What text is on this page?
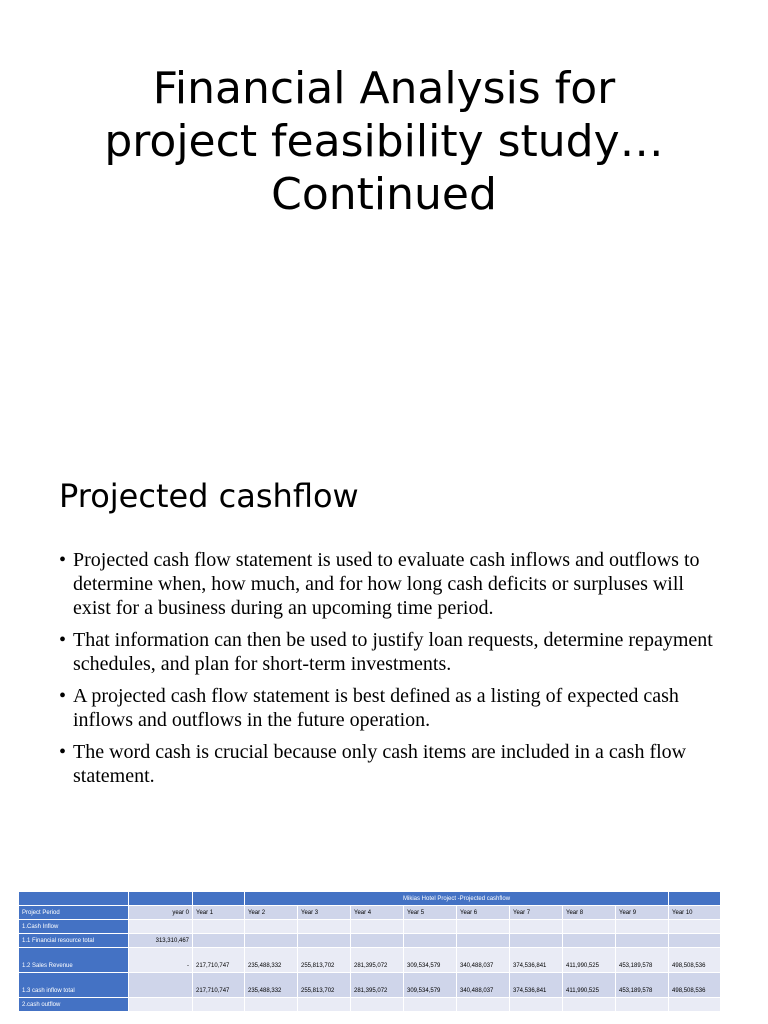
Financial Analysis for project feasibility study… Continued
Projected cashflow
• Projected cash flow statement is used to evaluate cash inflows and outflows to determine when, how much, and for how long cash deficits or surpluses will exist for a business during an upcoming time period.
• That information can then be used to justify loan requests, determine repayment schedules, and plan for short-term investments.
• A projected cash flow statement is best defined as a listing of expected cash inflows and outflows in the future operation.
• The word cash is crucial because only cash items are included in a cash flow statement.
			Mikias Hotel Project -Projected cashflow								
Project Period	year 0	Year 1	Year 2	Year 3	Year 4	Year 5	Year 6	Year 7	Year 8	Year 9	Year 10
1.Cash Inflow											
1.1 Financial resource total	313,310,467										
1.2 Sales Revenue	-	217,710,747	235,488,332	255,813,702	281,395,072	309,534,579	340,488,037	374,536,841	411,990,525	453,189,578	498,508,536
1.3 cash inflow total		217,710,747	235,488,332	255,813,702	281,395,072	309,534,579	340,488,037	374,536,841	411,990,525	453,189,578	498,508,536
2.cash outflow											
